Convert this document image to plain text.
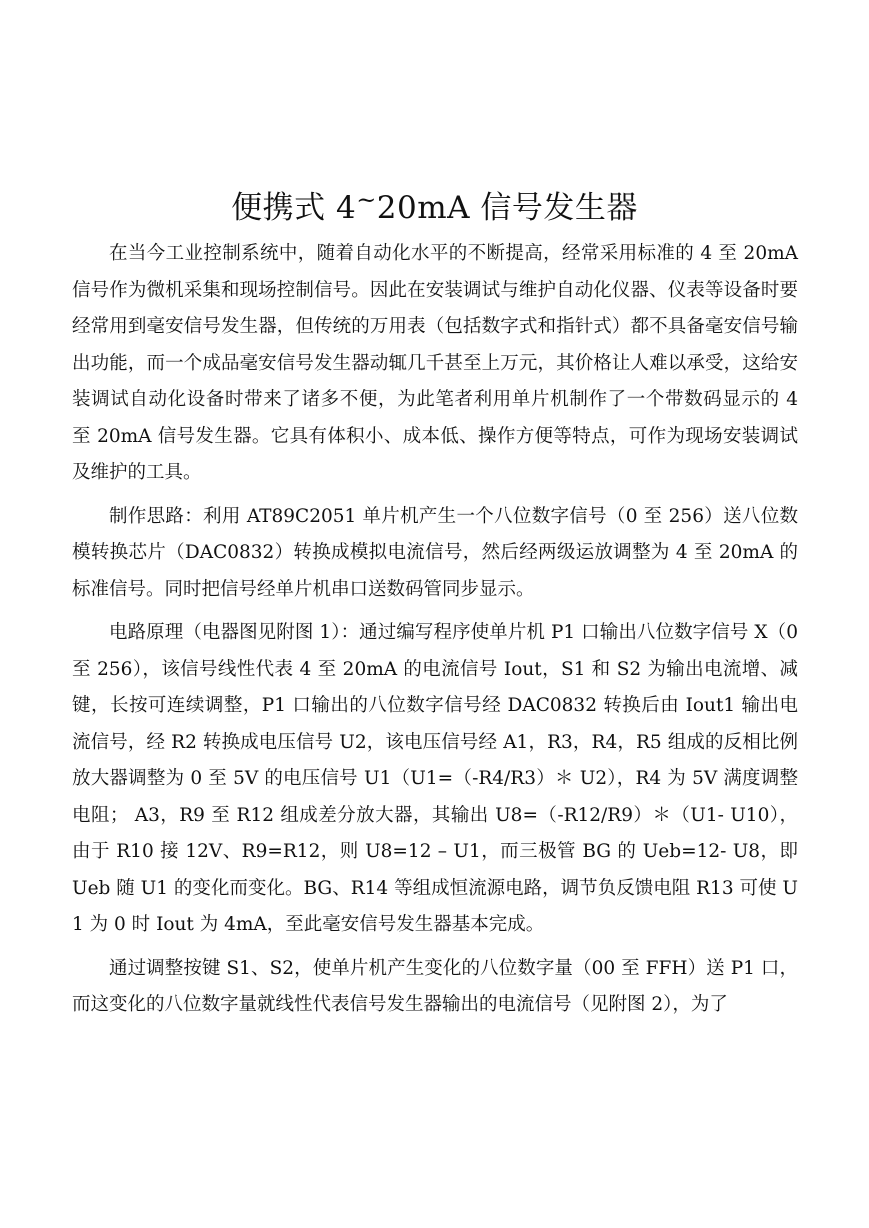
便携式 4~20mA 信号发生器

在当今工业控制系统中，随着自动化水平的不断提高，经常采用标准的 4 至 20mA 信号作为微机采集和现场控制信号。因此在安装调试与维护自动化仪器、仪表等设备时要经常用到毫安信号发生器，但传统的万用表（包括数字式和指针式）都不具备毫安信号输出功能，而一个成品毫安信号发生器动辄几千甚至上万元，其价格让人难以承受，这给安装调试自动化设备时带来了诸多不便，为此笔者利用单片机制作了一个带数码显示的 4 至 20mA 信号发生器。它具有体积小、成本低、操作方便等特点，可作为现场安装调试及维护的工具。

制作思路：利用 AT89C2051 单片机产生一个八位数字信号（0 至 256）送八位数模转换芯片（DAC0832）转换成模拟电流信号，然后经两级运放调整为 4 至 20mA 的标准信号。同时把信号经单片机串口送数码管同步显示。

电路原理（电器图见附图 1）：通过编写程序使单片机 P1 口输出八位数字信号 X（0 至 256），该信号线性代表 4 至 20mA 的电流信号 Iout，S1 和 S2 为输出电流增、减键，长按可连续调整，P1 口输出的八位数字信号经 DAC0832 转换后由 Iout1 输出电流信号，经 R2 转换成电压信号 U2，该电压信号经 A1，R3，R4，R5 组成的反相比例放大器调整为 0 至 5V 的电压信号 U1（U1=（-R4/R3）＊ U2），R4 为 5V 满度调整电阻； A3，R9 至 R12 组成差分放大器，其输出 U8=（-R12/R9）＊（U1- U10），由于 R10 接 12V、R9=R12，则 U8=12 – U1，而三极管 BG 的 Ueb=12- U8，即 Ueb 随 U1 的变化而变化。BG、R14 等组成恒流源电路，调节负反馈电阻 R13 可使 U1 为 0 时 Iout 为 4mA，至此毫安信号发生器基本完成。

通过调整按键 S1、S2，使单片机产生变化的八位数字量（00 至 FFH）送 P1 口，而这变化的八位数字量就线性代表信号发生器输出的电流信号（见附图 2），为了
